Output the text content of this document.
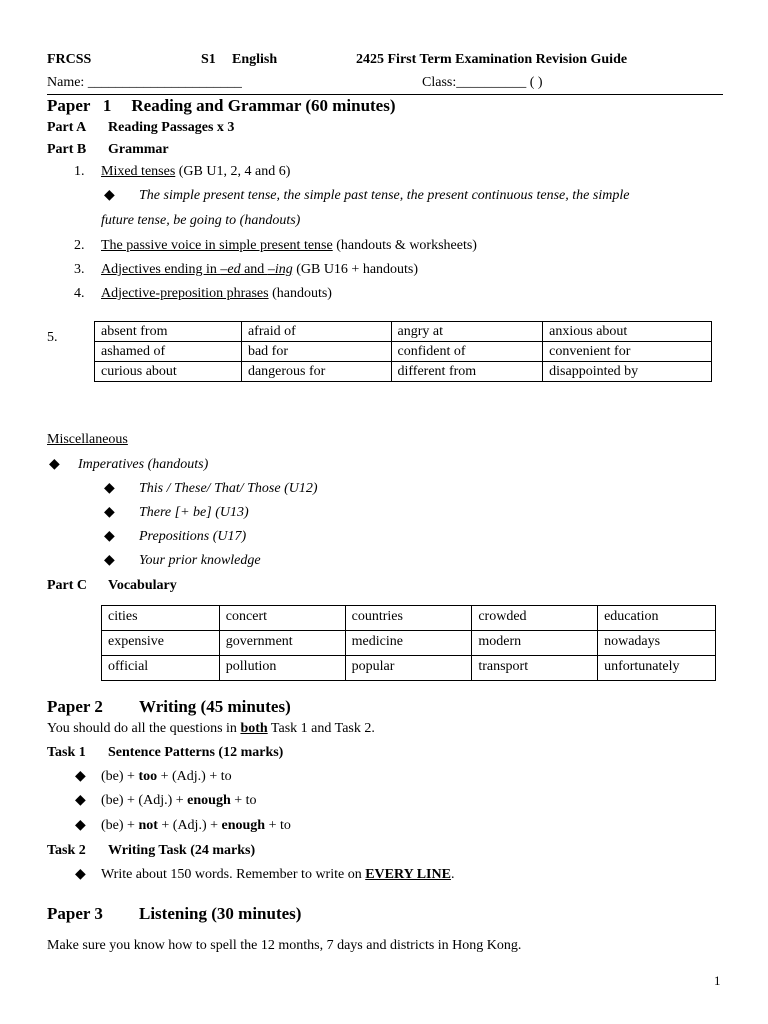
FRCSS	S1 English	2425 First Term Examination Revision Guide
Name: ______________________	Class:__________ ( )
Paper   1 Reading and Grammar (60 minutes)
Part A Reading Passages x 3
Part B Grammar
1. Mixed tenses (GB U1, 2, 4 and 6)
◆ The simple present tense, the simple past tense, the present continuous tense, the simple
future tense, be going to (handouts)
2. The passive voice in simple present tense (handouts & worksheets)
3. Adjectives ending in –ed and –ing (GB U16 + handouts)
4. Adjective-preposition phrases (handouts)
5.	absent from	afraid of	angry at	anxious about
ashamed of	bad for	confident of	convenient for
curious about	dangerous for	different from	disappointed by
Miscellaneous
◆ Imperatives (handouts)
◆ This / These/ That/ Those (U12)
◆ There [+ be] (U13)
◆ Prepositions (U17)
◆ Your prior knowledge
Part C Vocabulary
cities	concert	countries	crowded	education
expensive	government	medicine	modern	nowadays
official	pollution	popular	transport	unfortunately
Paper 2 Writing (45 minutes)
You should do all the questions in both Task 1 and Task 2.
Task 1 Sentence Patterns (12 marks)
◆ (be) + too + (Adj.) + to
◆ (be) + (Adj.) + enough + to
◆ (be) + not + (Adj.) + enough + to
Task 2 Writing Task (24 marks)
◆ Write about 150 words. Remember to write on EVERY LINE.
Paper 3 Listening (30 minutes)
Make sure you know how to spell the 12 months, 7 days and districts in Hong Kong.
1
